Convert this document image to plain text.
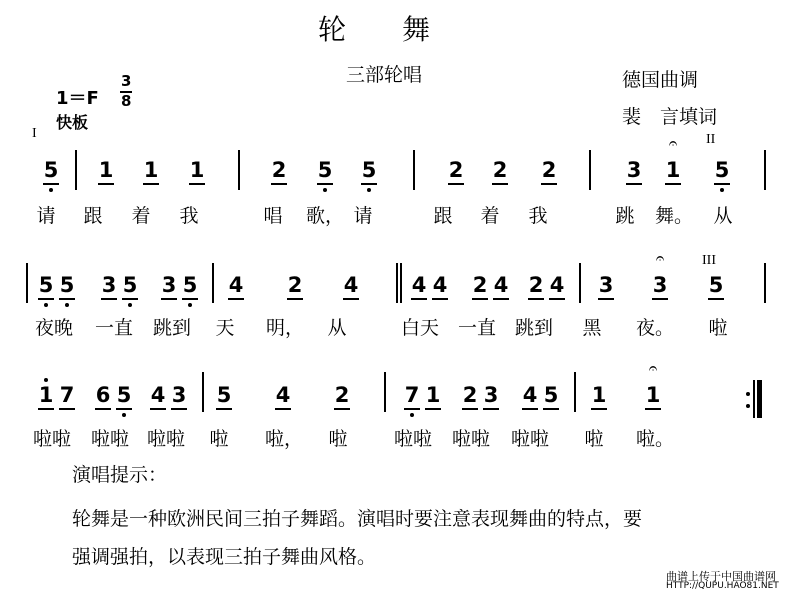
轮　　舞
三部轮唱	德国曲调
裴　言填词
1＝F
3
8
快板
I	II
III
5 1 1 1	2 5 5	2 2 2	3 1
𝄐
5
请 跟 着 我	唱 歌， 请	跟 着 我	跳 舞。 从
5 5 3 5 3 5 4 2 4	4 4 2 4 2 4 3 3
𝄐
5
夜晚 一直 跳到 天 明， 从	白天 一直 跳到 黑 夜。 啦
1 7 6 5 4 3 5 4 2	7 1 2 3 4 5 1 1
𝄐
啦啦 啦啦 啦啦 啦 啦， 啦 啦啦 啦啦 啦啦 啦 啦。
演唱提示：
轮舞是一种欧洲民间三拍子舞蹈。演唱时要注意表现舞曲的特点，要
强调强拍，以表现三拍子舞曲风格。
曲谱上传于中国曲谱网
HTTP://QUPU.HAO81.NET
